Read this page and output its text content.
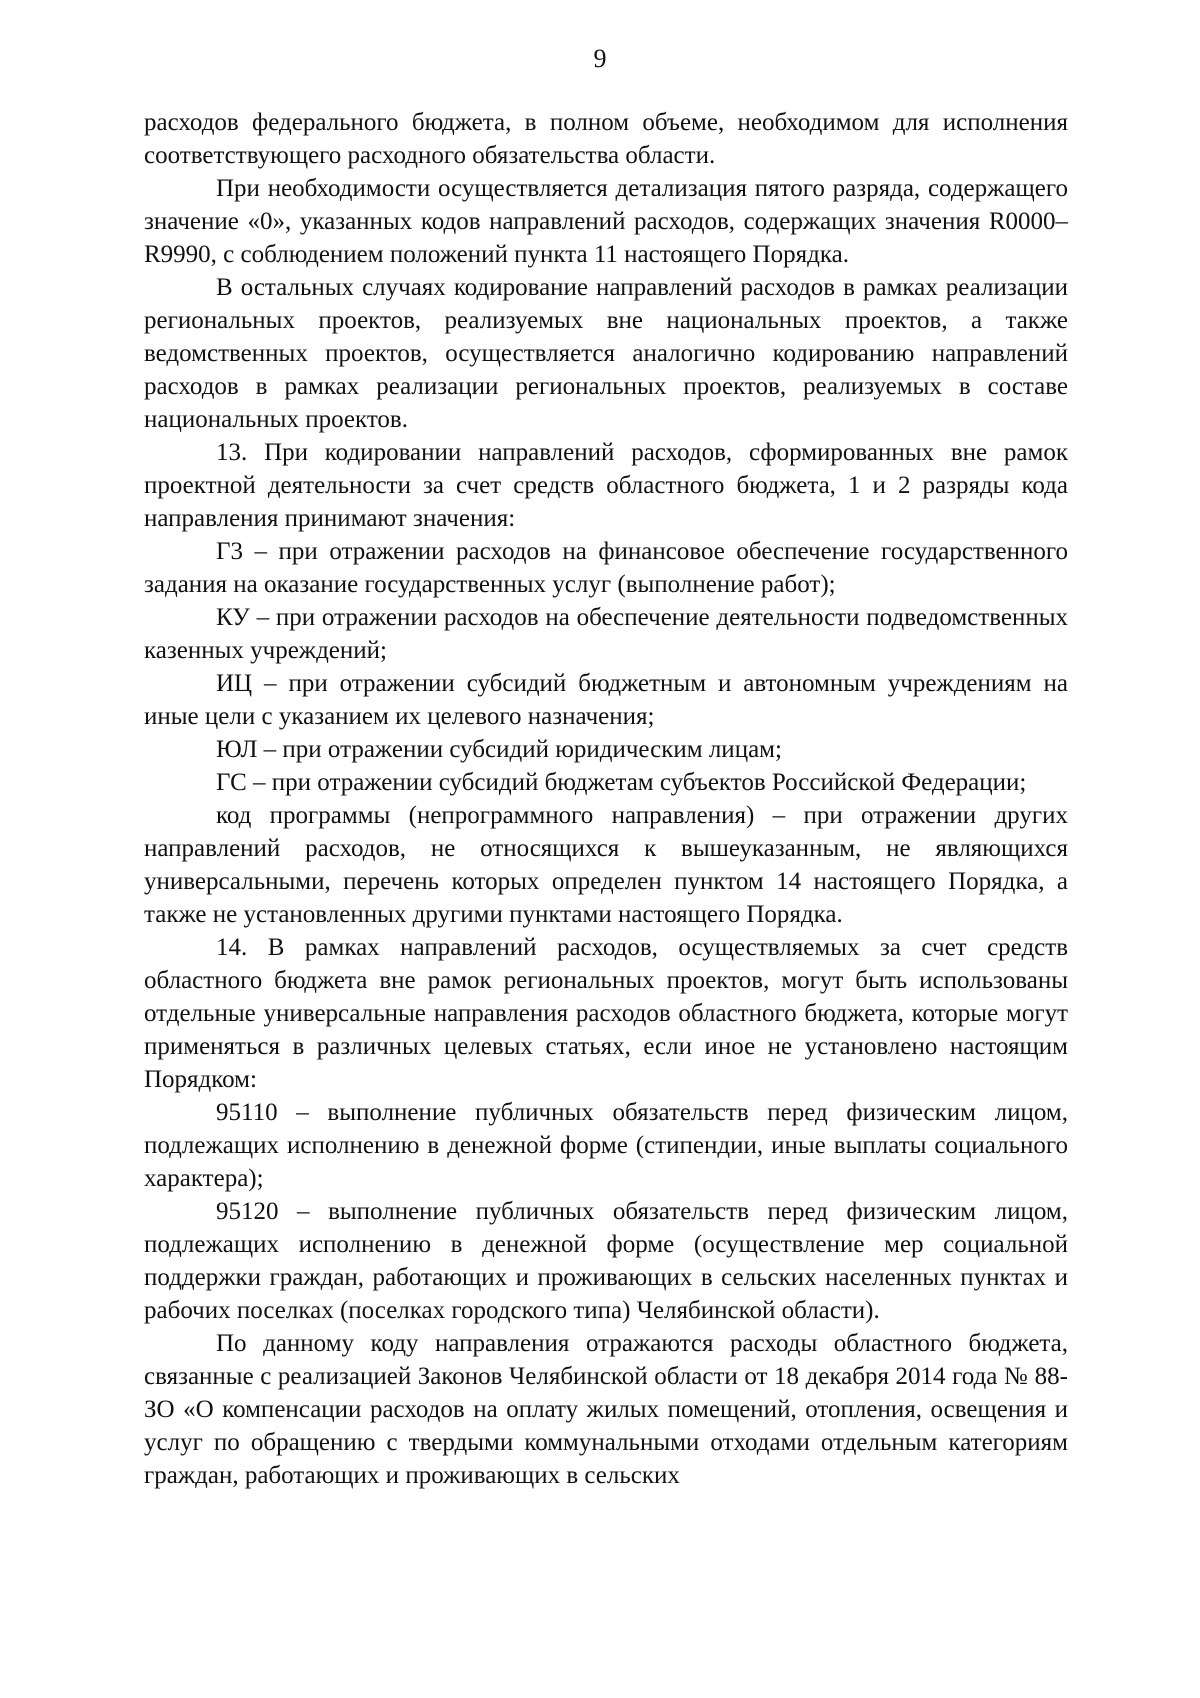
9

расходов федерального бюджета, в полном объеме, необходимом для исполнения соответствующего расходного обязательства области.

При необходимости осуществляется детализация пятого разряда, содержащего значение «0», указанных кодов направлений расходов, содержащих значения R0000–R9990, с соблюдением положений пункта 11 настоящего Порядка.

В остальных случаях кодирование направлений расходов в рамках реализации региональных проектов, реализуемых вне национальных проектов, а также ведомственных проектов, осуществляется аналогично кодированию направлений расходов в рамках реализации региональных проектов, реализуемых в составе национальных проектов.

13. При кодировании направлений расходов, сформированных вне рамок проектной деятельности за счет средств областного бюджета, 1 и 2 разряды кода направления принимают значения:

Г3 – при отражении расходов на финансовое обеспечение государственного задания на оказание государственных услуг (выполнение работ);

КУ – при отражении расходов на обеспечение деятельности подведомственных казенных учреждений;

ИЦ – при отражении субсидий бюджетным и автономным учреждениям на иные цели с указанием их целевого назначения;

ЮЛ – при отражении субсидий юридическим лицам;

ГС – при отражении субсидий бюджетам субъектов Российской Федерации;

код программы (непрограммного направления) – при отражении других направлений расходов, не относящихся к вышеуказанным, не являющихся универсальными, перечень которых определен пунктом 14 настоящего Порядка, а также не установленных другими пунктами настоящего Порядка.

14. В рамках направлений расходов, осуществляемых за счет средств областного бюджета вне рамок региональных проектов, могут быть использованы отдельные универсальные направления расходов областного бюджета, которые могут применяться в различных целевых статьях, если иное не установлено настоящим Порядком:

95110 – выполнение публичных обязательств перед физическим лицом, подлежащих исполнению в денежной форме (стипендии, иные выплаты социального характера);

95120 – выполнение публичных обязательств перед физическим лицом, подлежащих исполнению в денежной форме (осуществление мер социальной поддержки граждан, работающих и проживающих в сельских населенных пунктах и рабочих поселках (поселках городского типа) Челябинской области).

По данному коду направления отражаются расходы областного бюджета, связанные с реализацией Законов Челябинской области от 18 декабря 2014 года № 88-ЗО «О компенсации расходов на оплату жилых помещений, отопления, освещения и услуг по обращению с твердыми коммунальными отходами отдельным категориям граждан, работающих и проживающих в сельских
